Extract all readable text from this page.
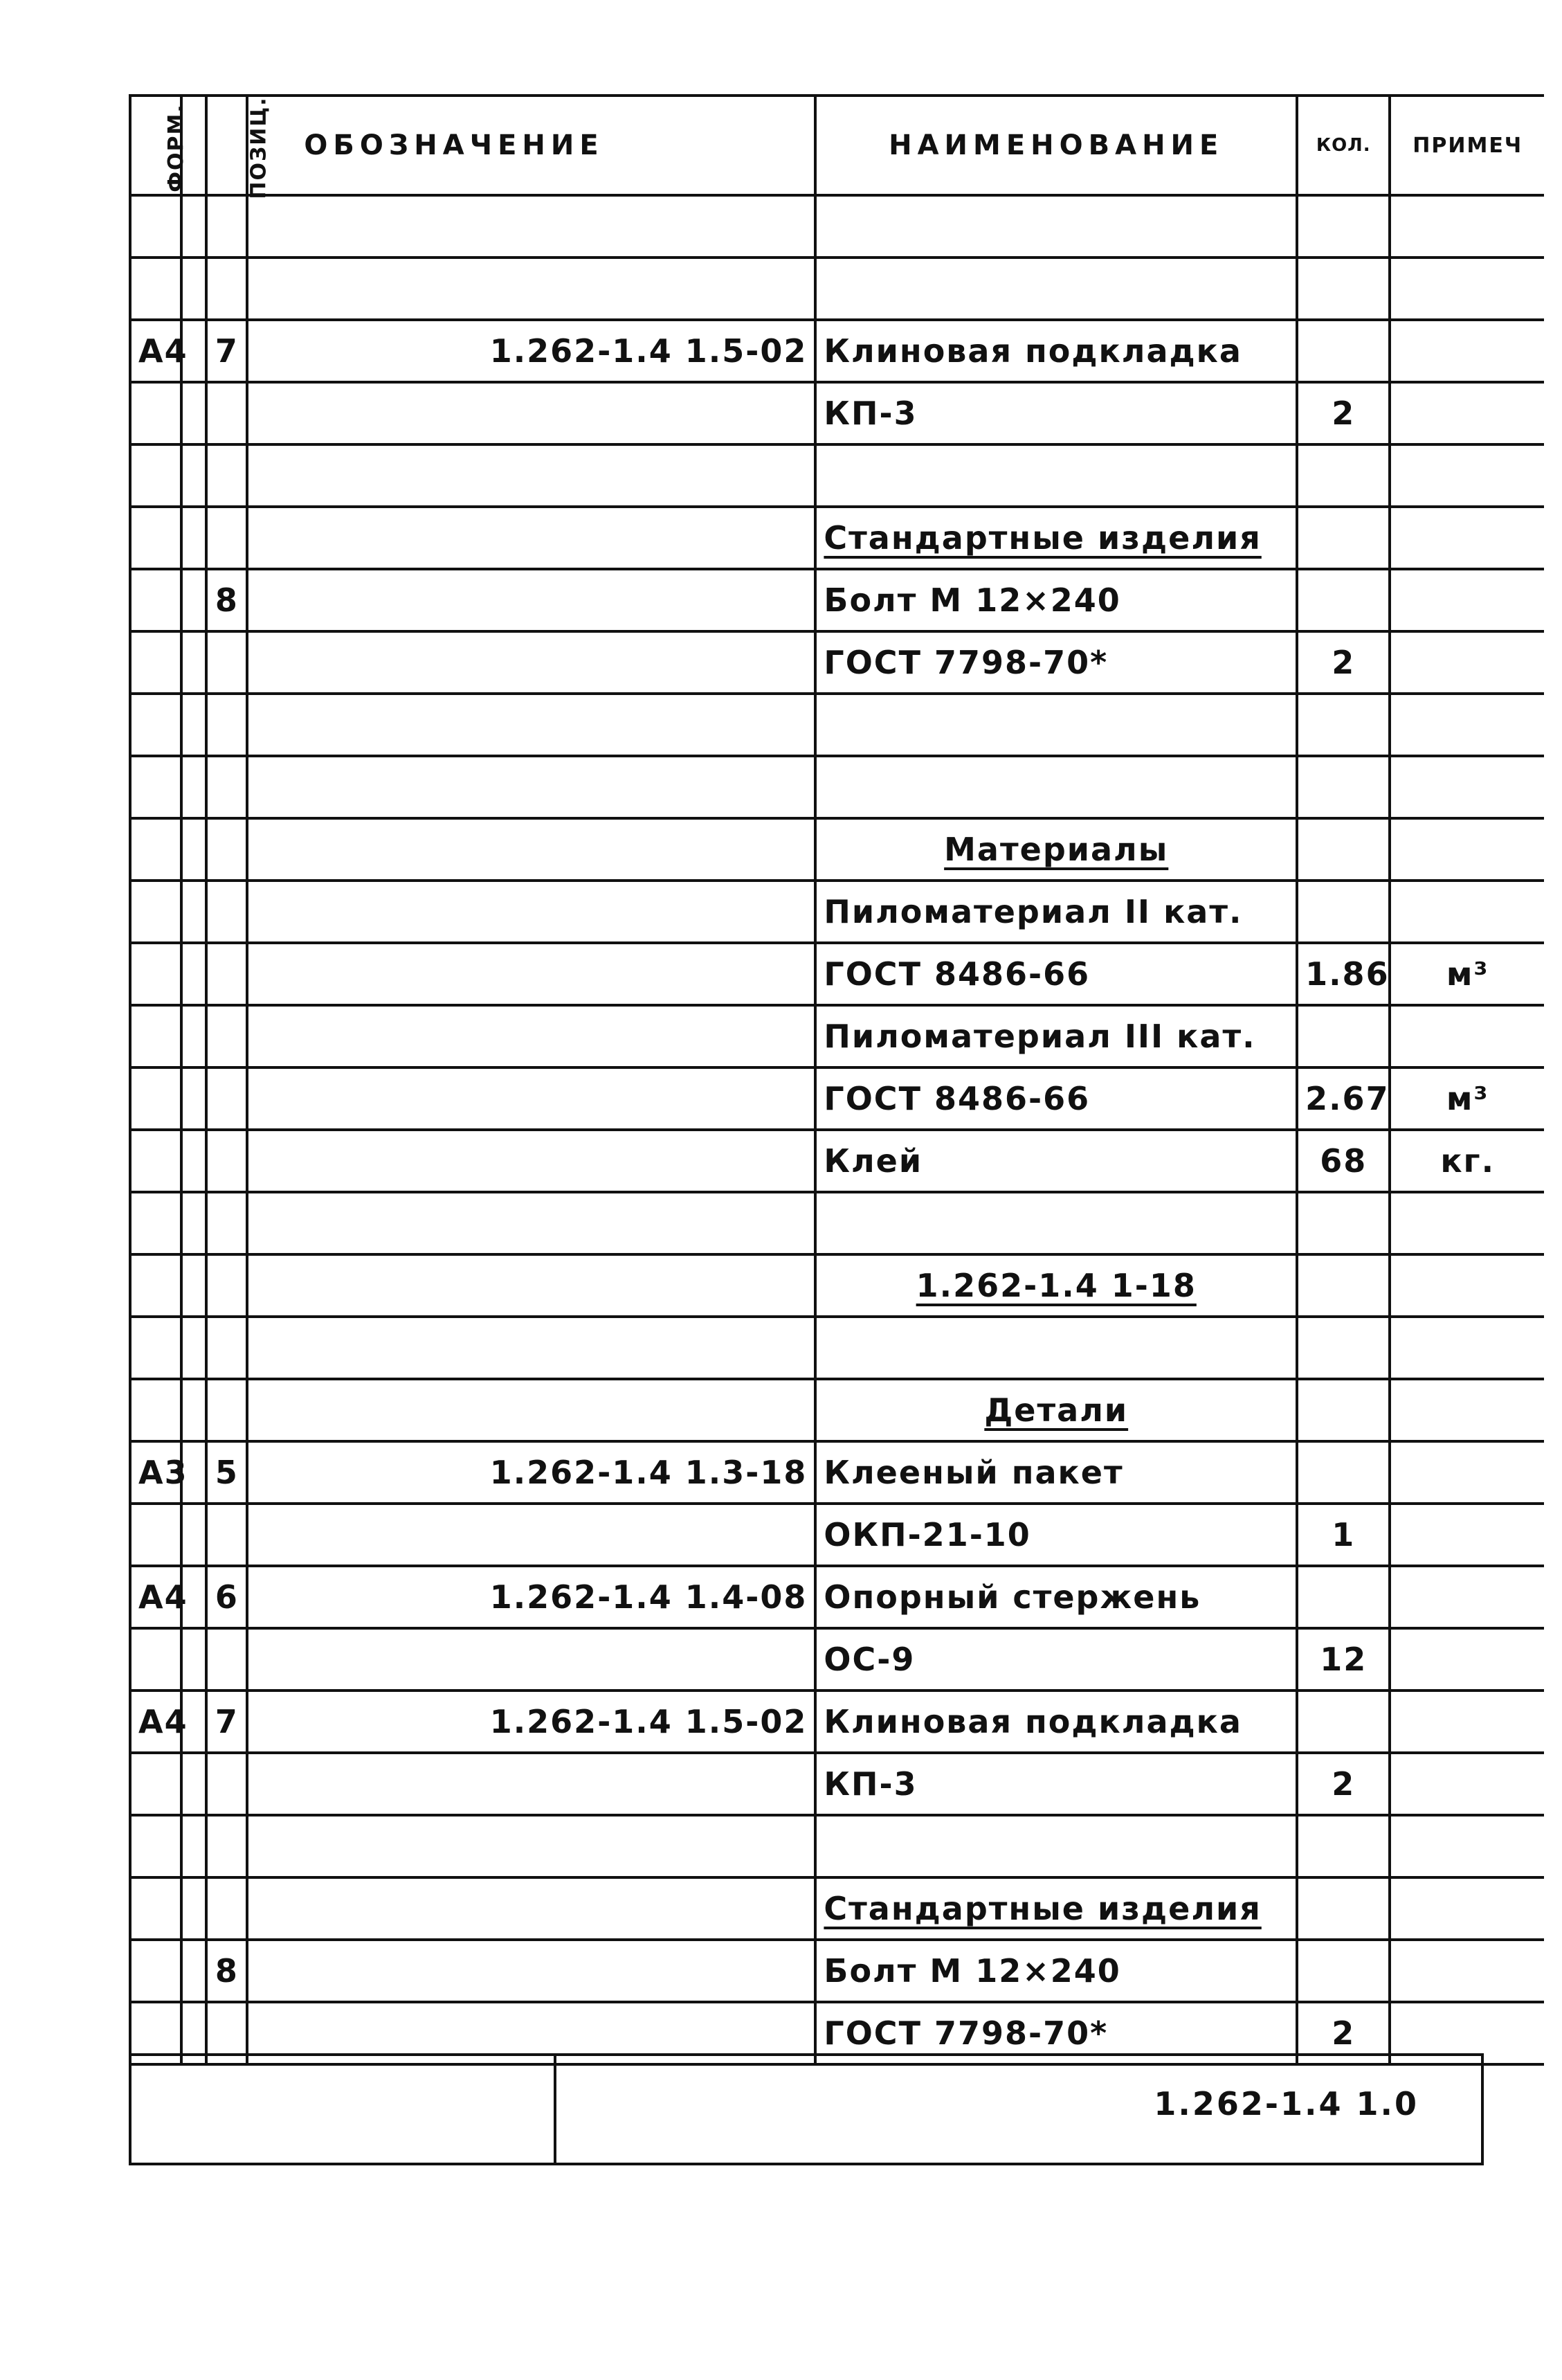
ФОРМ.		ПОЗИЦ.	ОБОЗНАЧЕНИЕ	НАИМЕНОВАНИЕ	КОЛ.	ПРИМЕЧ

А4		7	1.262-1.4 1.5-02	Клиновая подкладка		
				КП-3	2	

				Стандартные изделия		
		8		Болт М 12×240		
				ГОСТ 7798-70*	2	

				Материалы		
				Пиломатериал II кат.		
				ГОСТ 8486-66	1.86	м³
				Пиломатериал III кат.		
				ГОСТ 8486-66	2.67	м³
				Клей	68	кг.

				1.262-1.4 1-18		

				Детали		
А3		5	1.262-1.4 1.3-18	Клееный пакет		
				ОКП-21-10	1	
А4		6	1.262-1.4 1.4-08	Опорный стержень		
				ОС-9	12	
А4		7	1.262-1.4 1.5-02	Клиновая подкладка		
				КП-3	2	

				Стандартные изделия		
		8		Болт М 12×240		
				ГОСТ 7798-70*	2	
1.262-1.4 1.0
